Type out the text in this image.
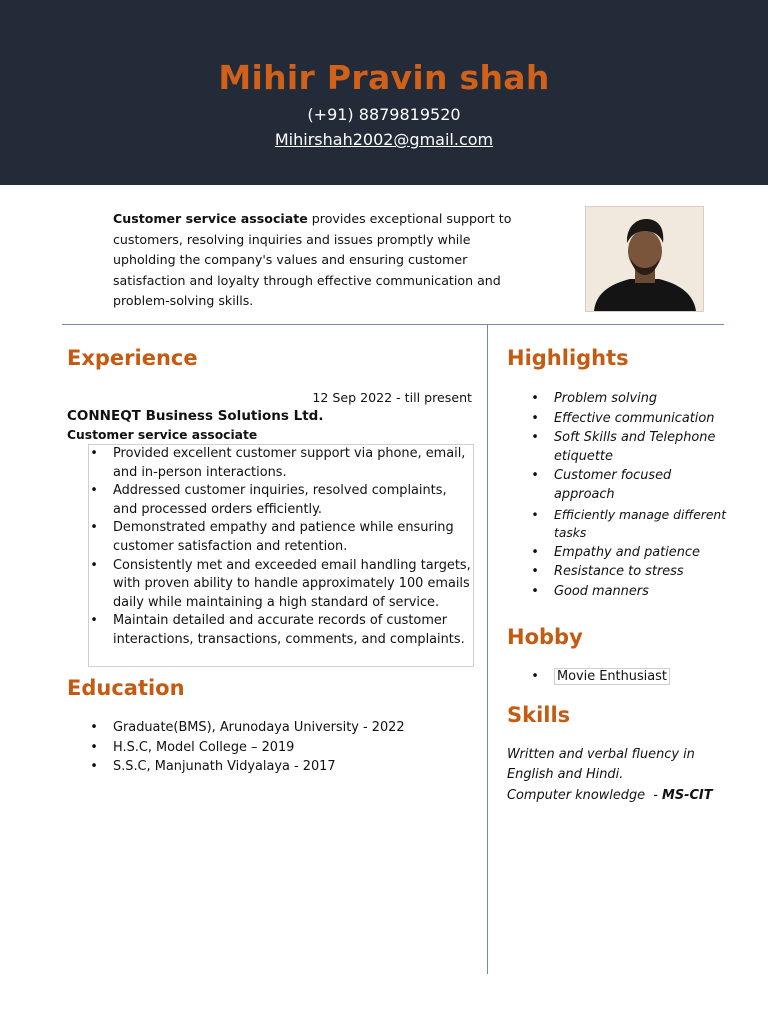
Mihir Pravin shah
(+91) 8879819520
Mihirshah2002@gmail.com
Customer service associate provides exceptional support to customers, resolving inquiries and issues promptly while upholding the company's values and ensuring customer satisfaction and loyalty through effective communication and problem-solving skills.
Experience
12 Sep 2022 - till present
CONNEQT Business Solutions Ltd.
Customer service associate
• Provided excellent customer support via phone, email, and in-person interactions.
• Addressed customer inquiries, resolved complaints, and processed orders efficiently.
• Demonstrated empathy and patience while ensuring customer satisfaction and retention.
• Consistently met and exceeded email handling targets, with proven ability to handle approximately 100 emails daily while maintaining a high standard of service.
• Maintain detailed and accurate records of customer interactions, transactions, comments, and complaints.
Education
• Graduate(BMS), Arunodaya University - 2022
• H.S.C, Model College – 2019
• S.S.C, Manjunath Vidyalaya - 2017
Highlights
• Problem solving
• Effective communication
• Soft Skills and Telephone etiquette
• Customer focused approach
• Efficiently manage different tasks
• Empathy and patience
• Resistance to stress
• Good manners
Hobby
• Movie Enthusiast
Skills
Written and verbal fluency in English and Hindi.
Computer knowledge  - MS-CIT
